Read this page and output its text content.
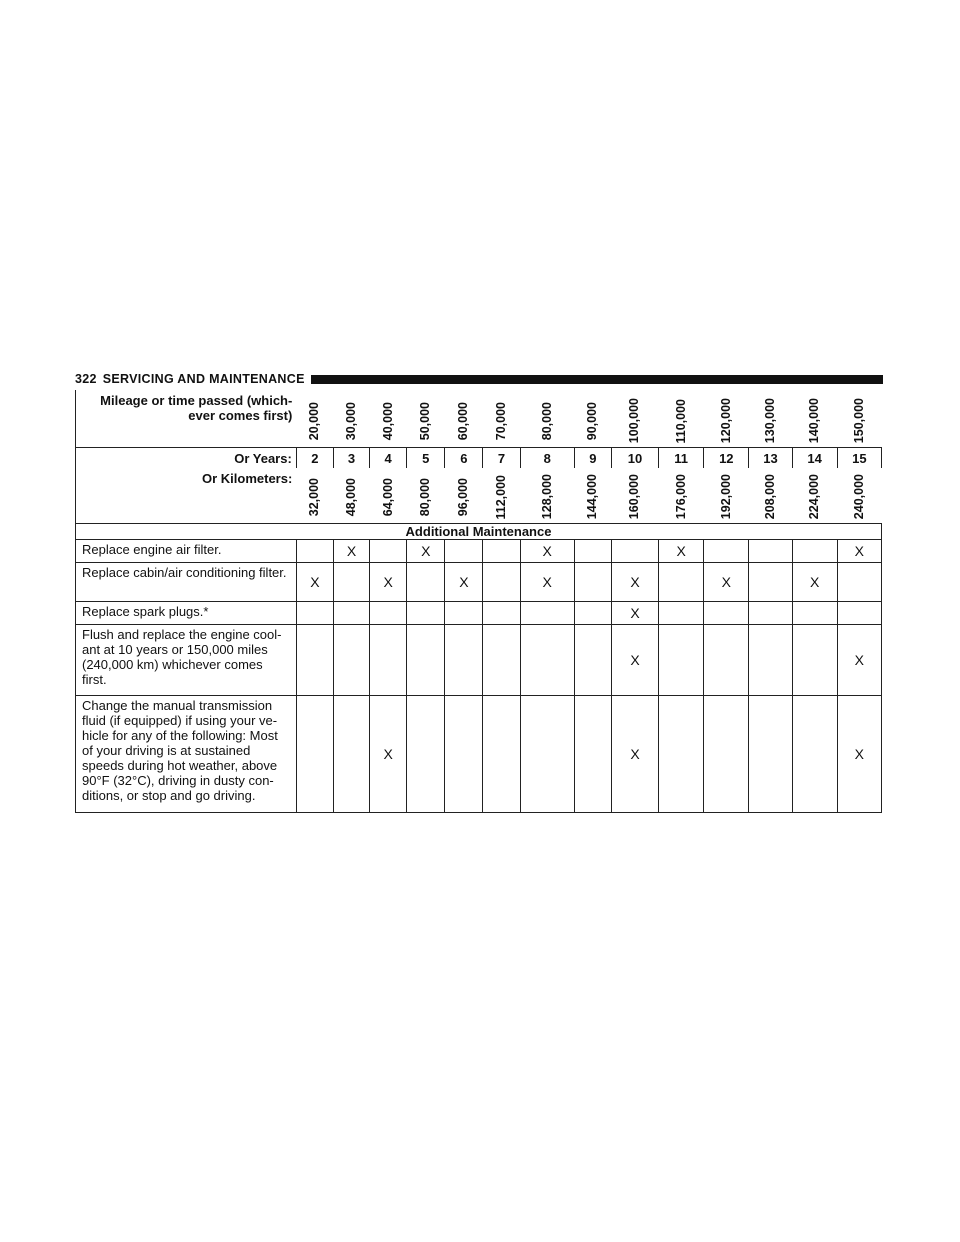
322 SERVICING AND MAINTENANCE
Mileage or time passed (which-
ever comes first)	20,000	30,000	40,000	50,000	60,000	70,000	80,000	90,000	100,000	110,000	120,000	130,000	140,000	150,000
Or Years:	2	3	4	5	6	7	8	9	10	11	12	13	14	15
Or Kilometers:	32,000	48,000	64,000	80,000	96,000	112,000	128,000	144,000	160,000	176,000	192,000	208,000	224,000	240,000
Additional Maintenance														
Replace engine air filter.		X		X			X			X				X
Replace cabin/air conditioning filter.	X		X		X		X		X		X		X	
Replace spark plugs.*									X					
Flush and replace the engine cool-ant at 10 years or 150,000 miles (240,000 km) whichever comes first.									X					X
Change the manual transmission fluid (if equipped) if using your ve-hicle for any of the following: Most of your driving is at sustained speeds during hot weather, above 90°F (32°C), driving in dusty con-ditions, or stop and go driving.			X						X					X
